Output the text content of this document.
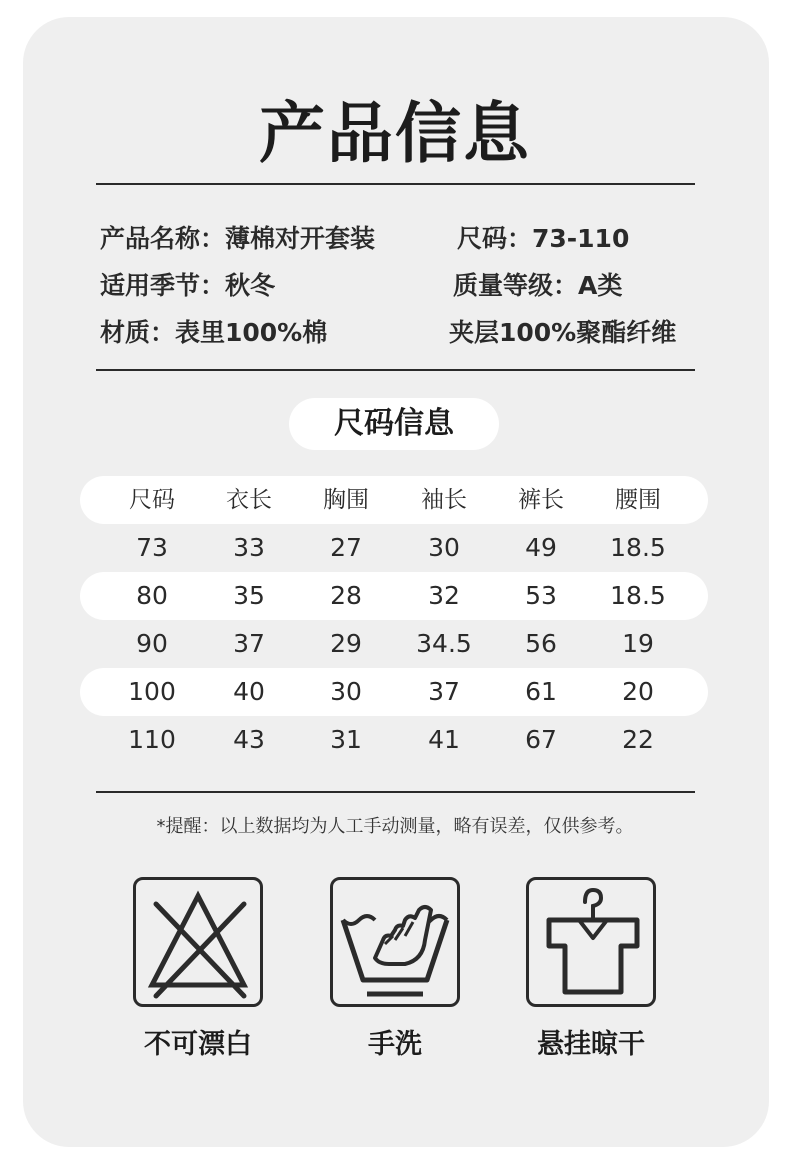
产品信息
产品名称：薄棉对开套装	尺码：73-110
适用季节：秋冬	质量等级：A类
材质：表里100%棉	夹层100%聚酯纤维
尺码信息
尺码	衣长	胸围	袖长	裤长	腰围
73	33	27	30	49	18.5
80	35	28	32	53	18.5
90	37	29	34.5	56	19
100	40	30	37	61	20
110	43	31	41	67	22
*提醒：以上数据均为人工手动测量，略有误差，仅供参考。
不可漂白	手洗	悬挂晾干
